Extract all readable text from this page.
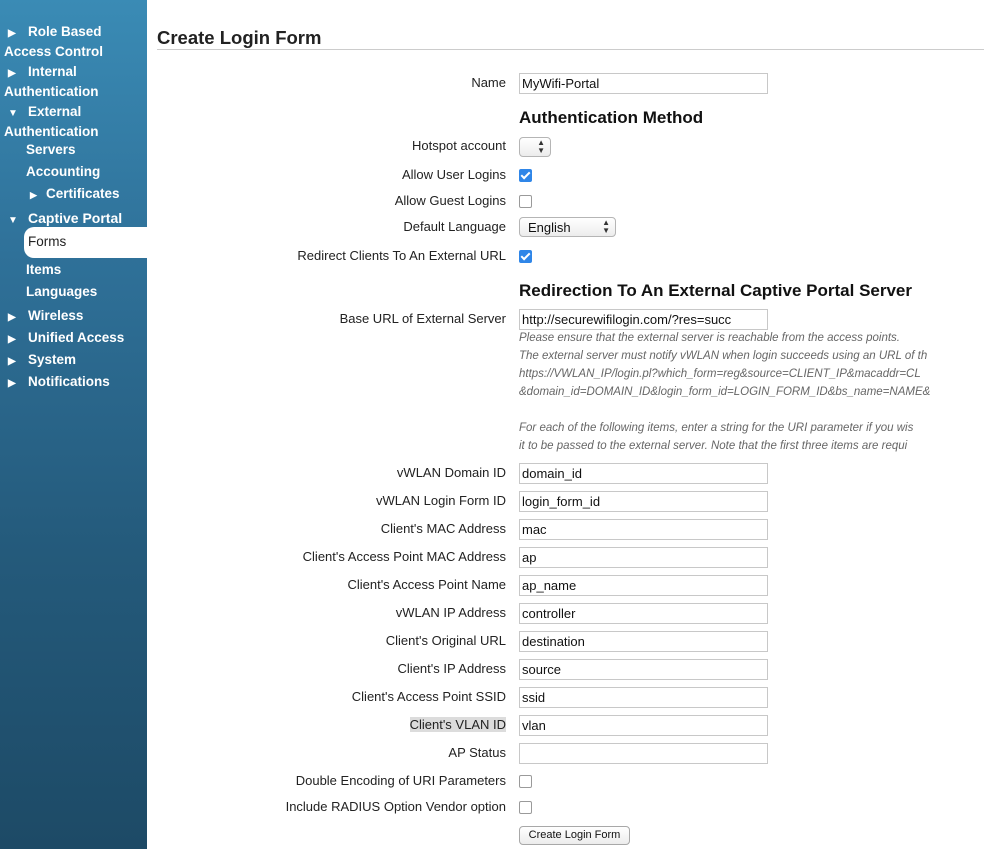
▶ Role Based
Access Control
▶ Internal
Authentication
▼ External
Authentication
Servers
Accounting
▶ Certificates
▼ Captive Portal
Forms
Items
Languages
▶ Wireless
▶ Unified Access
▶ System
▶ Notifications
Create Login Form
Name MyWifi-Portal
Authentication Method
Hotspot account	▲
▼
Allow User Logins
Allow Guest Logins
Default Language English	▲
▼
Redirect Clients To An External URL
Redirection To An External Captive Portal Server
Base URL of External Server http://securewifilogin.com/?res=succ
Please ensure that the external server is reachable from the access points.
The external server must notify vWLAN when login succeeds using an URL of th
https://VWLAN_IP/login.pl?which_form=reg&source=CLIENT_IP&macaddr=CL
&domain_id=DOMAIN_ID&login_form_id=LOGIN_FORM_ID&bs_name=NAME&
For each of the following items, enter a string for the URI parameter if you wis
it to be passed to the external server. Note that the first three items are requi
vWLAN Domain ID domain_id
vWLAN Login Form ID login_form_id
Client's MAC Address mac
Client's Access Point MAC Address ap
Client's Access Point Name ap_name
vWLAN IP Address controller
Client's Original URL destination
Client's IP Address source
Client's Access Point SSID ssid
Client's VLAN ID vlan
AP Status
Double Encoding of URI Parameters
Include RADIUS Option Vendor option
Create Login Form
